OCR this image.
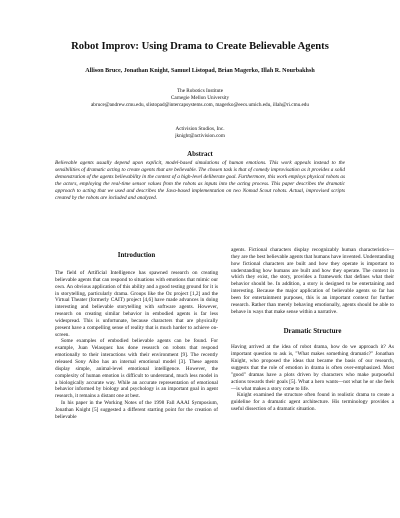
Robot Improv: Using Drama to Create Believable Agents
Allison Bruce, Jonathan Knight, Samuel Listopad, Brian Magerko, Illah R. Nourbakhsh
The Robotics Institute
Carnegie Mellon University
abruce@andrew.cmu.edu, slistopad@intercapsystems.com, magerko@eecs.umich.edu, illah@ri.cmu.edu
Activision Studios, Inc.
jknight@activision.com
Abstract
Believable agents usually depend upon explicit, model-based simulations of human emotions. This work appeals instead to the sensibilities of dramatic acting to create agents that are believable. The chosen task is that of comedy improvisation as it provides a solid demonstration of the agents believability in the context of a high-level deliberate goal. Furthermore, this work employs physical robots as the actors, employing the real-time sensor values from the robots as inputs into the acting process. This paper describes the dramatic approach to acting that we used and describes the Java-based implementation on two Nomad Scout robots. Actual, improvised scripts created by the robots are included and analyzed.
Introduction

The field of Artificial Intelligence has spawned research on creating believable agents that can respond to situations with emotions that mimic our own. An obvious application of this ability and a good testing ground for it is in storytelling, particularly drama. Groups like the Oz project [1,2] and the Virtual Theater (formerly CAIT) project [4,6] have made advances in doing interesting and believable storytelling with software agents. However, research on creating similar behavior in embodied agents is far less widespread. This is unfortunate, because characters that are physically present have a compelling sense of reality that is much harder to achieve on-screen.

Some examples of embodied believable agents can be found. For example, Juan Velasquez has done research on robots that respond emotionally to their interactions with their environment [9]. The recently released Sony Aibo has an internal emotional model [3]. These agents display simple, animal-level emotional intelligence. However, the complexity of human emotion is difficult to understand, much less model in a biologically accurate way. While an accurate representation of emotional behavior informed by biology and psychology is an important goal in agent research, it remains a distant one at best.

In his paper in the Working Notes of the 1998 Fall AAAI Symposium, Jonathan Knight [5] suggested a different starting point for the creation of believable

agents. Fictional characters display recognizably human characteristics—they are the best believable agents that humans have invented. Understanding how fictional characters are built and how they operate is important to understanding how humans are built and how they operate. The context in which they exist, the story, provides a framework that defines what their behavior should be. In addition, a story is designed to be entertaining and interesting. Because the major application of believable agents so far has been for entertainment purposes, this is an important context for further research. Rather than merely behaving emotionally, agents should be able to behave in ways that make sense within a narrative.

Dramatic Structure

Having arrived at the idea of robot drama, how do we approach it? As important question to ask is, "What makes something dramatic?" Jonathan Knight, who proposed the ideas that became the basis of our research, suggests that the role of emotion in drama is often over-emphasized. Most "good" dramas have a plots driven by characters who make purposeful actions towards their goals [5]. What a hero wants—not what he or she feels—is what makes a story come to life.

Knight examined the structure often found in realistic drama to create a guideline for a dramatic agent architecture. His terminology provides a useful dissection of a dramatic situation.
